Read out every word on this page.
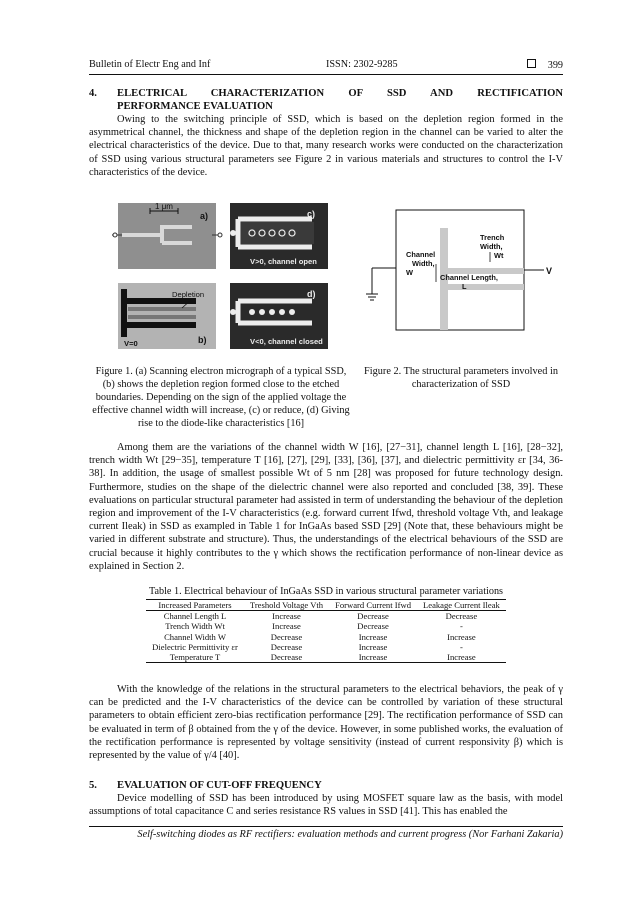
Bulletin of Electr Eng and Inf	ISSN: 2302-9285	399
4. ELECTRICAL CHARACTERIZATION OF SSD AND RECTIFICATION
PERFORMANCE EVALUATION

Owing to the switching principle of SSD, which is based on the depletion region formed in the asymmetrical channel, the thickness and shape of the depletion region in the channel can be varied to alter the electrical characteristics of the device. Due to that, many research works were conducted on the characterization of SSD using various structural parameters see Figure 2 in various materials and structures to control the I-V characteristics of the device.

1 μm
a)	c)
V>0, channel open
Depletion
V=0	b)
d)
V<0, channel closed
V
Trench
Width,
Wt
Channel
Width,
W
Channel Length,
L
Figure 1. (a) Scanning electron micrograph of a typical SSD, (b) shows the depletion region formed close to the etched boundaries. Depending on the sign of the applied voltage the effective channel width will increase, (c) or reduce, (d) Giving rise to the diode-like characteristics [16]
Figure 2. The structural parameters involved in characterization of SSD

Among them are the variations of the channel width W [16], [27−31], channel length L [16], [28−32], trench width Wt [29−35], temperature T [16], [27], [29], [33], [36], [37], and dielectric permittivity εr [34, 36-38]. In addition, the usage of smallest possible Wt of 5 nm [28] was proposed for future technology design. Furthermore, studies on the shape of the dielectric channel were also reported and concluded [38, 39]. These evaluations on particular structural parameter had assisted in term of understanding the behaviour of the depletion region and improvement of the I-V characteristics (e.g. forward current Ifwd, threshold voltage Vth, and leakage current Ileak) in SSD as exampled in Table 1 for InGaAs based SSD [29] (Note that, these behaviours might be varied in different substrate and structure). Thus, the understandings of the electrical behaviours of the SSD are crucial because it highly contributes to the γ which shows the rectification performance of non-linear device as explained in Section 2.

Table 1. Electrical behaviour of InGaAs SSD in various structural parameter variations
Increased Parameters	Treshold Voltage Vth	Forward Current Ifwd	Leakage Current Ileak
Channel Length L	Increase	Decrease	Decrease
Trench Width Wt	Increase	Decrease	-
Channel Width W	Decrease	Increase	Increase
Dielectric Permittivity εr	Decrease	Increase	-
Temperature T	Decrease	Increase	Increase

With the knowledge of the relations in the structural parameters to the electrical behaviors, the peak of γ can be predicted and the I-V characteristics of the device can be controlled by variation of these structural parameters to obtain efficient zero-bias rectification performance [29]. The rectification performance of SSD can be evaluated in term of β obtained from the γ of the device. However, in some published works, the evaluation of the rectification performance is represented by voltage sensitivity (instead of current responsivity β) which is represented by the value of γ/4 [40].

5. EVALUATION OF CUT-OFF FREQUENCY

Device modelling of SSD has been introduced by using MOSFET square law as the basis, with model assumptions of total capacitance C and series resistance RS values in SSD [41]. This has enabled the

Self-switching diodes as RF rectifiers: evaluation methods and current progress (Nor Farhani Zakaria)
